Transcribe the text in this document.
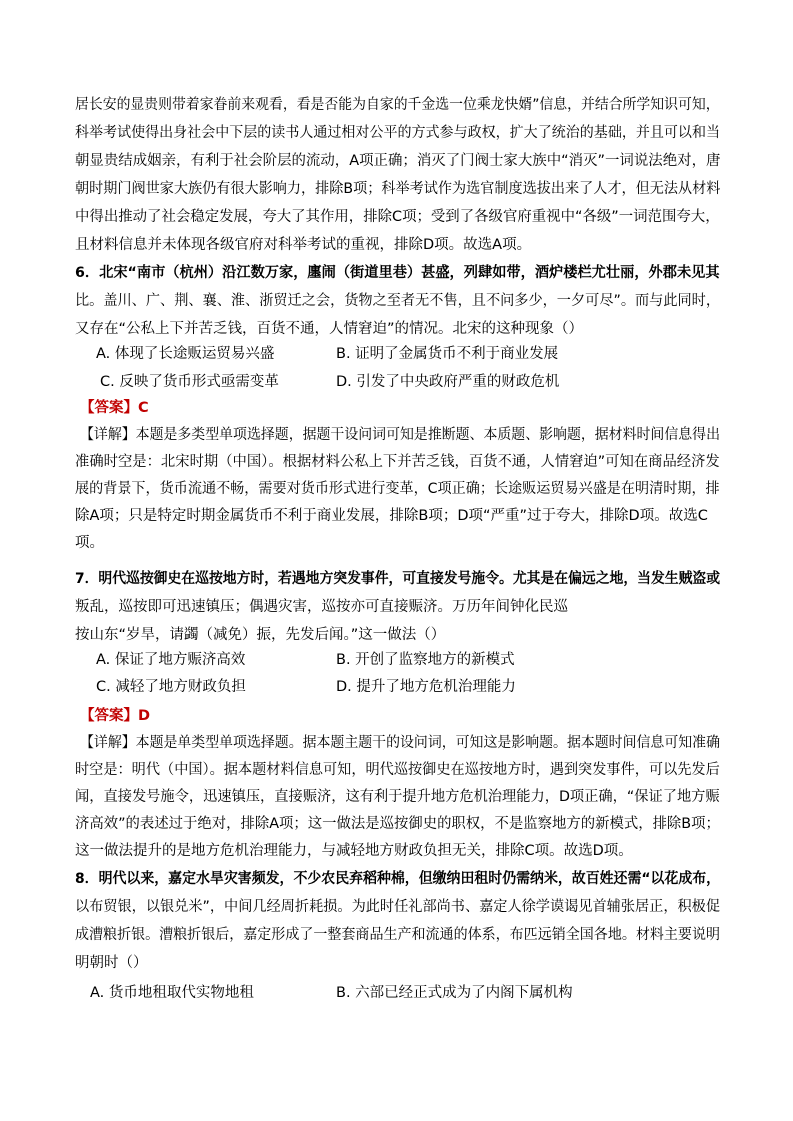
居长安的显贵则带着家眷前来观看，看是否能为自家的千金选一位乘龙快婿”信息，并结合所学知识可知，
科举考试使得出身社会中下层的读书人通过相对公平的方式参与政权，扩大了统治的基础，并且可以和当
朝显贵结成姻亲，有利于社会阶层的流动，A项正确；消灭了门阀士家大族中“消灭”一词说法绝对，唐
朝时期门阀世家大族仍有很大影响力，排除B项；科举考试作为选官制度选拔出来了人才，但无法从材料
中得出推动了社会稳定发展，夸大了其作用，排除C项；受到了各级官府重视中“各级”一词范围夸大，
且材料信息并未体现各级官府对科举考试的重视，排除D项。故选A项。
6．北宋“南市（杭州）沿江数万家，廛闹（街道里巷）甚盛，列肆如带，酒炉楼栏尤壮丽，外郡未见其
比。盖川、广、荆、襄、淮、浙贸迁之会，货物之至者无不售，且不问多少，一夕可尽”。而与此同时，
又存在“公私上下并苦乏钱，百货不通，人情窘迫”的情况。北宋的这种现象（）
A. 体现了长途贩运贸易兴盛	B. 证明了金属货币不利于商业发展
C. 反映了货币形式亟需变革	D. 引发了中央政府严重的财政危机
【答案】C
【详解】本题是多类型单项选择题，据题干设问词可知是推断题、本质题、影响题，据材料时间信息得出
准确时空是：北宋时期（中国）。根据材料公私上下并苦乏钱，百货不通，人情窘迫”可知在商品经济发
展的背景下，货币流通不畅，需要对货币形式进行变革，C项正确；长途贩运贸易兴盛是在明清时期，排
除A项；只是特定时期金属货币不利于商业发展，排除B项；D项“严重”过于夸大，排除D项。故选C
项。
7．明代巡按御史在巡按地方时，若遇地方突发事件，可直接发号施令。尤其是在偏远之地，当发生贼盗或
叛乱，巡按即可迅速镇压；偶遇灾害，巡按亦可直接赈济。万历年间钟化民巡
按山东“岁旱，请蠲（减免）振，先发后闻。”这一做法（）
A. 保证了地方赈济高效	B. 开创了监察地方的新模式
C. 减轻了地方财政负担	D. 提升了地方危机治理能力
【答案】D
【详解】本题是单类型单项选择题。据本题主题干的设问词，可知这是影响题。据本题时间信息可知准确
时空是：明代（中国）。据本题材料信息可知，明代巡按御史在巡按地方时，遇到突发事件，可以先发后
闻，直接发号施令，迅速镇压，直接赈济，这有利于提升地方危机治理能力，D项正确，“保证了地方赈
济高效”的表述过于绝对，排除A项；这一做法是巡按御史的职权，不是监察地方的新模式，排除B项；
这一做法提升的是地方危机治理能力，与减轻地方财政负担无关，排除C项。故选D项。
8．明代以来，嘉定水旱灾害频发，不少农民弃稻种棉，但缴纳田租时仍需纳米，故百姓还需“以花成布，
以布贸银，以银兑米”，中间几经周折耗损。为此时任礼部尚书、嘉定人徐学谟谒见首辅张居正，积极促
成漕粮折银。漕粮折银后，嘉定形成了一整套商品生产和流通的体系，布匹远销全国各地。材料主要说明
明朝时（）
A. 货币地租取代实物地租	B. 六部已经正式成为了内阁下属机构
